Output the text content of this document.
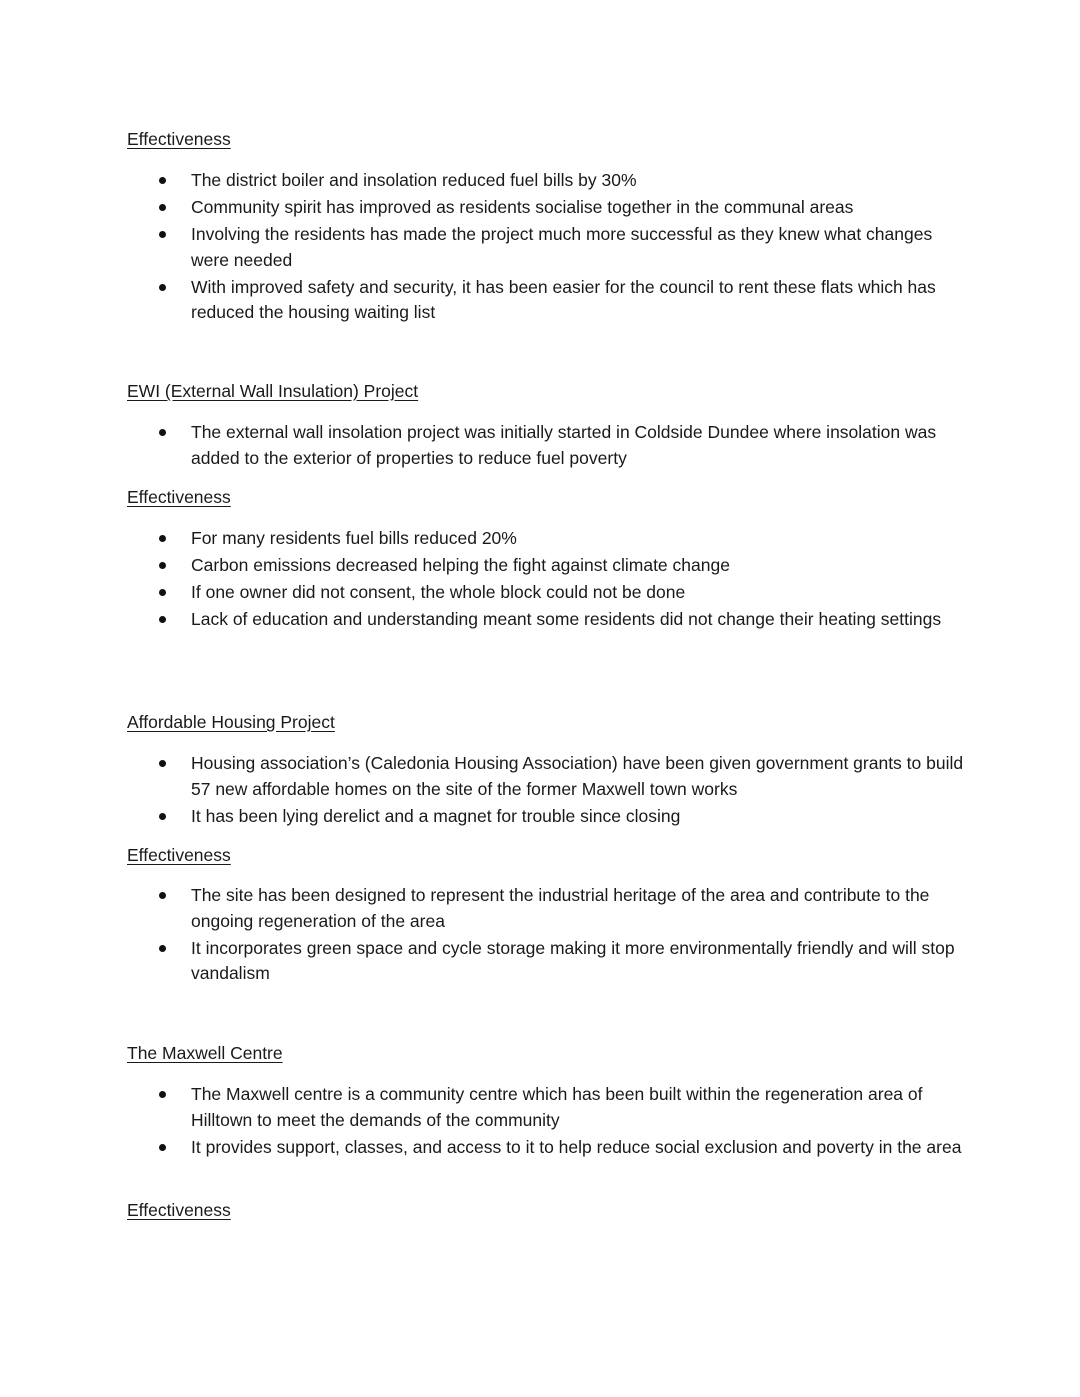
Effectiveness
The district boiler and insolation reduced fuel bills by 30%
Community spirit has improved as residents socialise together in the communal areas
Involving the residents has made the project much more successful as they knew what changes were needed
With improved safety and security, it has been easier for the council to rent these flats which has reduced the housing waiting list
EWI (External Wall Insulation) Project
The external wall insolation project was initially started in Coldside Dundee where insolation was added to the exterior of properties to reduce fuel poverty
Effectiveness
For many residents fuel bills reduced 20%
Carbon emissions decreased helping the fight against climate change
If one owner did not consent, the whole block could not be done
Lack of education and understanding meant some residents did not change their heating settings
Affordable Housing Project
Housing association’s (Caledonia Housing Association) have been given government grants to build 57 new affordable homes on the site of the former Maxwell town works
It has been lying derelict and a magnet for trouble since closing
Effectiveness
The site has been designed to represent the industrial heritage of the area and contribute to the ongoing regeneration of the area
It incorporates green space and cycle storage making it more environmentally friendly and will stop vandalism
The Maxwell Centre
The Maxwell centre is a community centre which has been built within the regeneration area of Hilltown to meet the demands of the community
It provides support, classes, and access to it to help reduce social exclusion and poverty in the area
Effectiveness
